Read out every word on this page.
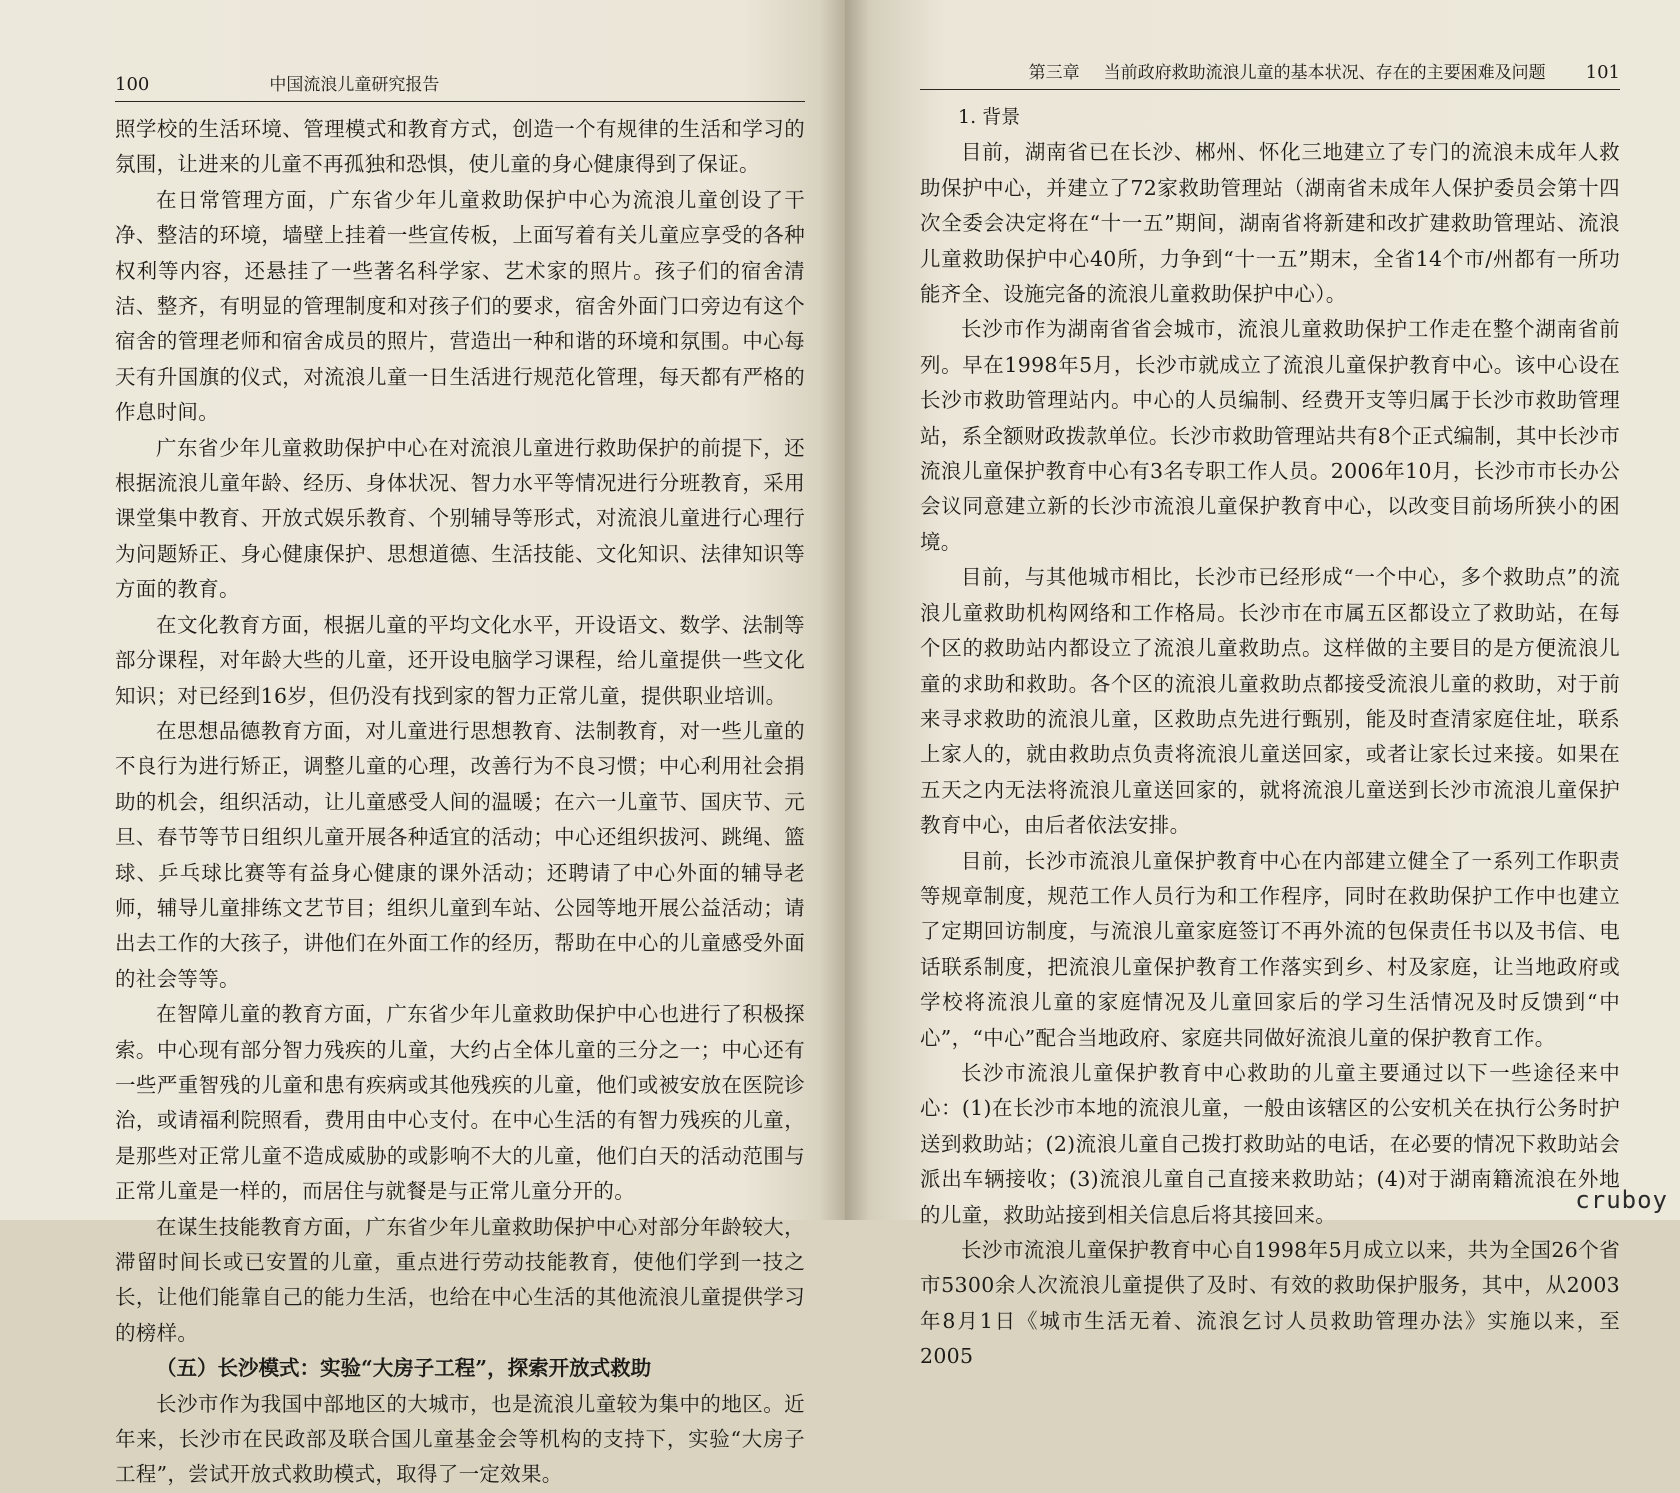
100	中国流浪儿童研究报告

照学校的生活环境、管理模式和教育方式，创造一个有规律的生活和学习的氛围，让进来的儿童不再孤独和恐惧，使儿童的身心健康得到了保证。

在日常管理方面，广东省少年儿童救助保护中心为流浪儿童创设了干净、整洁的环境，墙壁上挂着一些宣传板，上面写着有关儿童应享受的各种权利等内容，还悬挂了一些著名科学家、艺术家的照片。孩子们的宿舍清洁、整齐，有明显的管理制度和对孩子们的要求，宿舍外面门口旁边有这个宿舍的管理老师和宿舍成员的照片，营造出一种和谐的环境和氛围。中心每天有升国旗的仪式，对流浪儿童一日生活进行规范化管理，每天都有严格的作息时间。

广东省少年儿童救助保护中心在对流浪儿童进行救助保护的前提下，还根据流浪儿童年龄、经历、身体状况、智力水平等情况进行分班教育，采用课堂集中教育、开放式娱乐教育、个别辅导等形式，对流浪儿童进行心理行为问题矫正、身心健康保护、思想道德、生活技能、文化知识、法律知识等方面的教育。

在文化教育方面，根据儿童的平均文化水平，开设语文、数学、法制等部分课程，对年龄大些的儿童，还开设电脑学习课程，给儿童提供一些文化知识；对已经到16岁，但仍没有找到家的智力正常儿童，提供职业培训。

在思想品德教育方面，对儿童进行思想教育、法制教育，对一些儿童的不良行为进行矫正，调整儿童的心理，改善行为不良习惯；中心利用社会捐助的机会，组织活动，让儿童感受人间的温暖；在六一儿童节、国庆节、元旦、春节等节日组织儿童开展各种适宜的活动；中心还组织拔河、跳绳、篮球、乒乓球比赛等有益身心健康的课外活动；还聘请了中心外面的辅导老师，辅导儿童排练文艺节目；组织儿童到车站、公园等地开展公益活动；请出去工作的大孩子，讲他们在外面工作的经历，帮助在中心的儿童感受外面的社会等等。

在智障儿童的教育方面，广东省少年儿童救助保护中心也进行了积极探索。中心现有部分智力残疾的儿童，大约占全体儿童的三分之一；中心还有一些严重智残的儿童和患有疾病或其他残疾的儿童，他们或被安放在医院诊治，或请福利院照看，费用由中心支付。在中心生活的有智力残疾的儿童，是那些对正常儿童不造成威胁的或影响不大的儿童，他们白天的活动范围与正常儿童是一样的，而居住与就餐是与正常儿童分开的。

在谋生技能教育方面，广东省少年儿童救助保护中心对部分年龄较大，滞留时间长或已安置的儿童，重点进行劳动技能教育，使他们学到一技之长，让他们能靠自己的能力生活，也给在中心生活的其他流浪儿童提供学习的榜样。

（五）长沙模式：实验“大房子工程”，探索开放式救助

长沙市作为我国中部地区的大城市，也是流浪儿童较为集中的地区。近年来，长沙市在民政部及联合国儿童基金会等机构的支持下，实验“大房子工程”，尝试开放式救助模式，取得了一定效果。

第三章 当前政府救助流浪儿童的基本状况、存在的主要困难及问题 101
1. 背景

目前，湖南省已在长沙、郴州、怀化三地建立了专门的流浪未成年人救助保护中心，并建立了72家救助管理站（湖南省未成年人保护委员会第十四次全委会决定将在“十一五”期间，湖南省将新建和改扩建救助管理站、流浪儿童救助保护中心40所，力争到“十一五”期末，全省14个市/州都有一所功能齐全、设施完备的流浪儿童救助保护中心）。

长沙市作为湖南省省会城市，流浪儿童救助保护工作走在整个湖南省前列。早在1998年5月，长沙市就成立了流浪儿童保护教育中心。该中心设在长沙市救助管理站内。中心的人员编制、经费开支等归属于长沙市救助管理站，系全额财政拨款单位。长沙市救助管理站共有8个正式编制，其中长沙市流浪儿童保护教育中心有3名专职工作人员。2006年10月，长沙市市长办公会议同意建立新的长沙市流浪儿童保护教育中心，以改变目前场所狭小的困境。

目前，与其他城市相比，长沙市已经形成“一个中心，多个救助点”的流浪儿童救助机构网络和工作格局。长沙市在市属五区都设立了救助站，在每个区的救助站内都设立了流浪儿童救助点。这样做的主要目的是方便流浪儿童的求助和救助。各个区的流浪儿童救助点都接受流浪儿童的救助，对于前来寻求救助的流浪儿童，区救助点先进行甄别，能及时查清家庭住址，联系上家人的，就由救助点负责将流浪儿童送回家，或者让家长过来接。如果在五天之内无法将流浪儿童送回家的，就将流浪儿童送到长沙市流浪儿童保护教育中心，由后者依法安排。

目前，长沙市流浪儿童保护教育中心在内部建立健全了一系列工作职责等规章制度，规范工作人员行为和工作程序，同时在救助保护工作中也建立了定期回访制度，与流浪儿童家庭签订不再外流的包保责任书以及书信、电话联系制度，把流浪儿童保护教育工作落实到乡、村及家庭，让当地政府或学校将流浪儿童的家庭情况及儿童回家后的学习生活情况及时反馈到“中心”，“中心”配合当地政府、家庭共同做好流浪儿童的保护教育工作。

长沙市流浪儿童保护教育中心救助的儿童主要通过以下一些途径来中心：(1)在长沙市本地的流浪儿童，一般由该辖区的公安机关在执行公务时护送到救助站；(2)流浪儿童自己拨打救助站的电话，在必要的情况下救助站会派出车辆接收；(3)流浪儿童自己直接来救助站；(4)对于湖南籍流浪在外地的儿童，救助站接到相关信息后将其接回来。

长沙市流浪儿童保护教育中心自1998年5月成立以来，共为全国26个省市5300余人次流浪儿童提供了及时、有效的救助保护服务，其中，从2003年8月1日《城市生活无着、流浪乞讨人员救助管理办法》实施以来，至2005

cruboy
